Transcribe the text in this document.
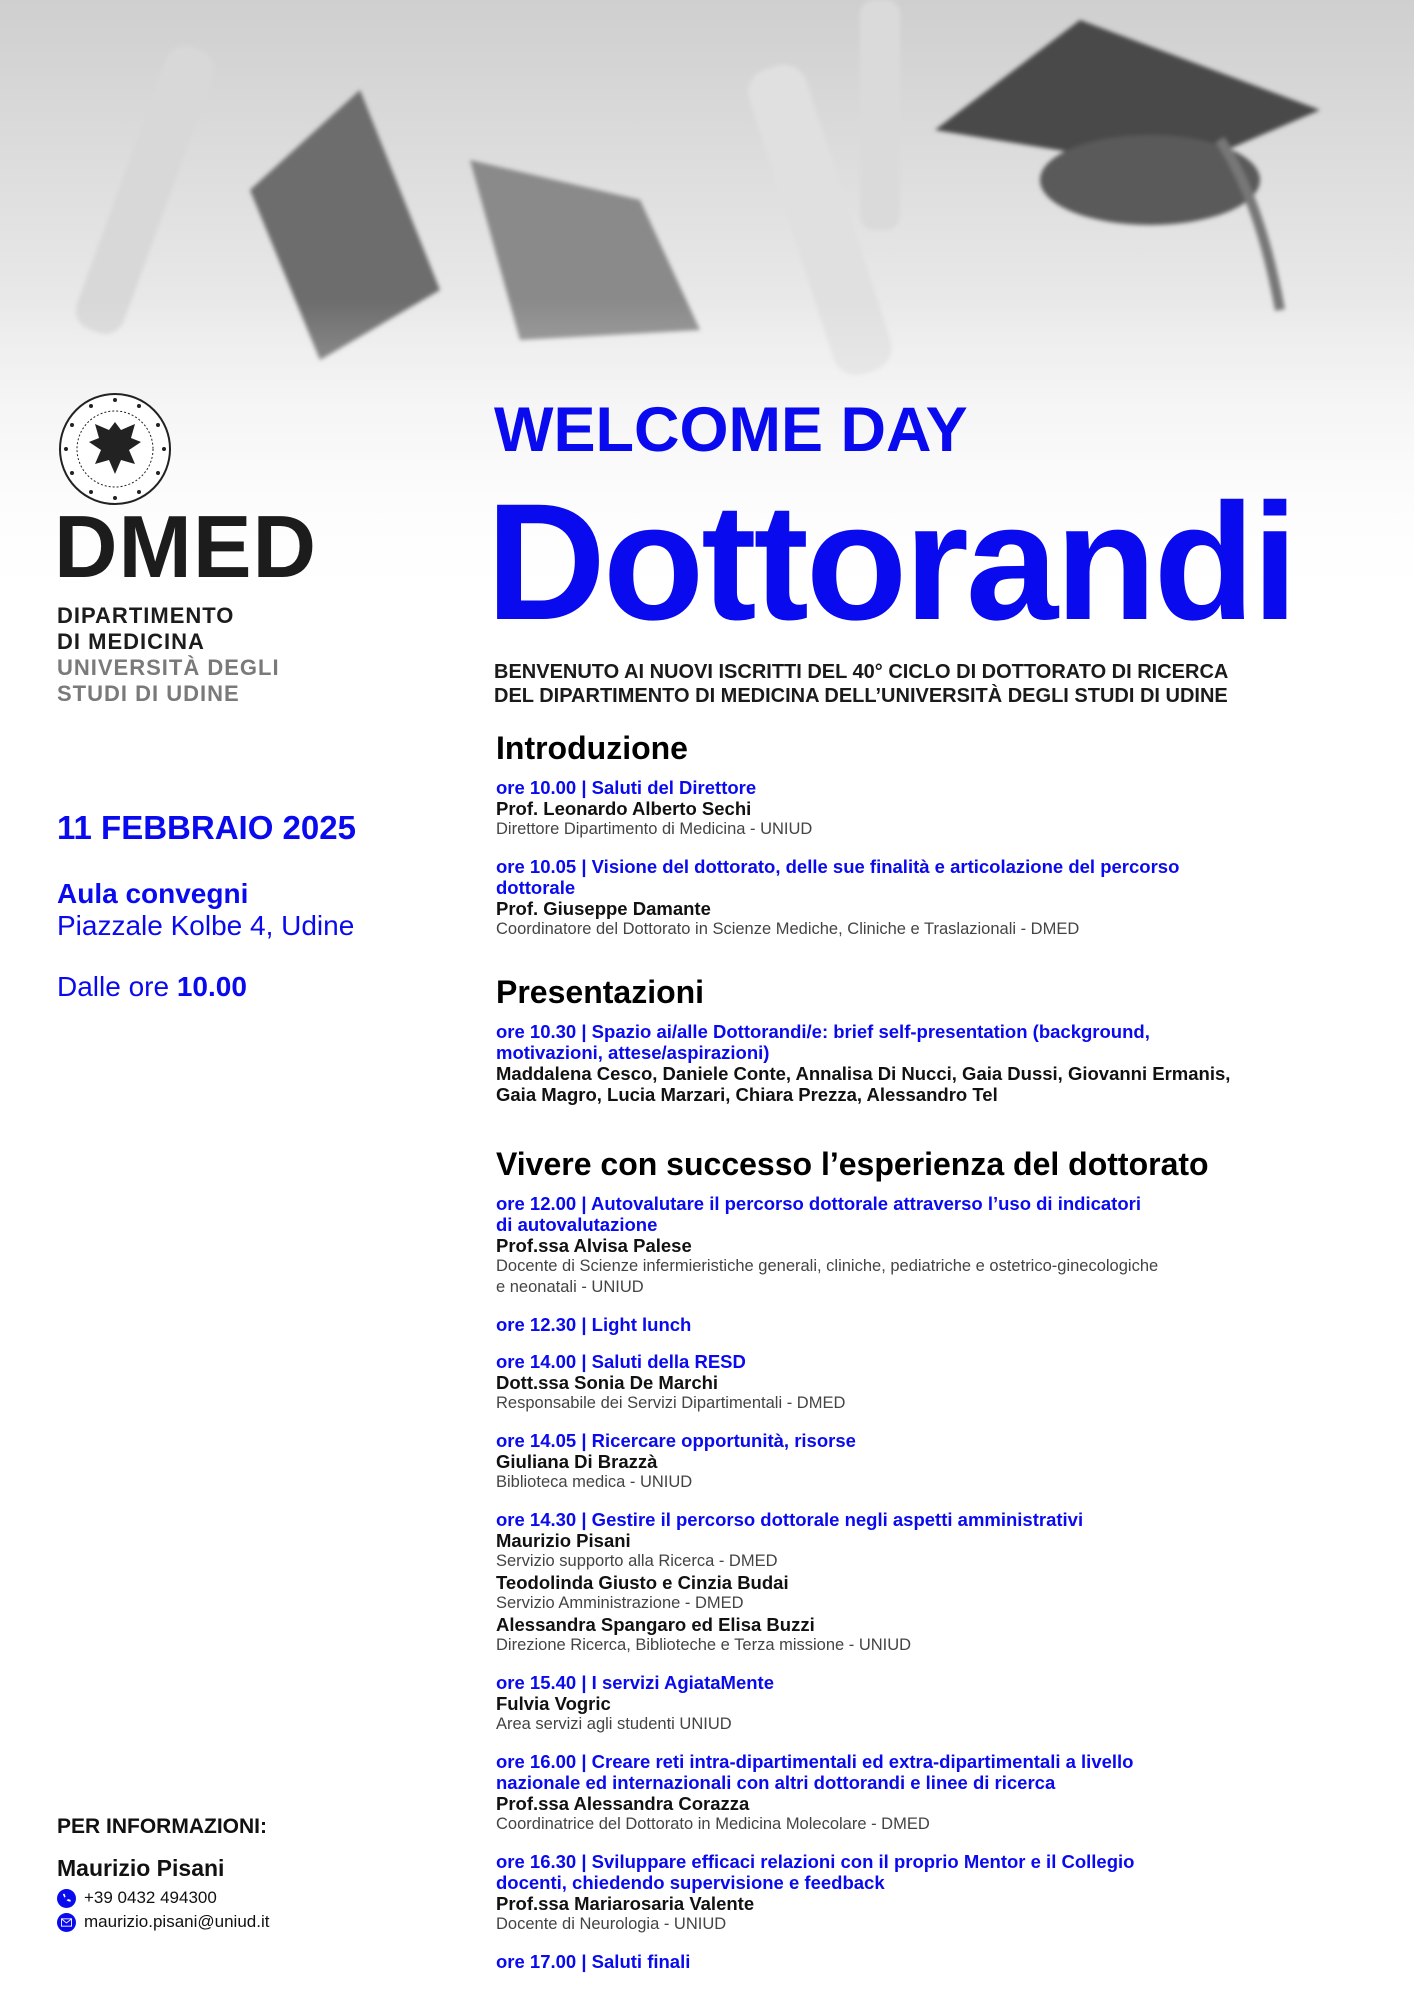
DMED
DIPARTIMENTO
DI MEDICINA
UNIVERSITÀ DEGLI
STUDI DI UDINE
11 FEBBRAIO 2025
Aula convegni
Piazzale Kolbe 4, Udine
Dalle ore 10.00
PER INFORMAZIONI:
Maurizio Pisani
+39 0432 494300
maurizio.pisani@uniud.it
WELCOME DAY
Dottorandi
BENVENUTO AI NUOVI ISCRITTI DEL 40° CICLO DI DOTTORATO DI RICERCA
DEL DIPARTIMENTO DI MEDICINA DELL’UNIVERSITÀ DEGLI STUDI DI UDINE
Introduzione
ore 10.00 | Saluti del Direttore
Prof. Leonardo Alberto Sechi
Direttore Dipartimento di Medicina - UNIUD
ore 10.05 | Visione del dottorato, delle sue finalità e articolazione del percorso
dottorale
Prof. Giuseppe Damante
Coordinatore del Dottorato in Scienze Mediche, Cliniche e Traslazionali - DMED
Presentazioni
ore 10.30 | Spazio ai/alle Dottorandi/e: brief self-presentation (background,
motivazioni, attese/aspirazioni)
Maddalena Cesco, Daniele Conte, Annalisa Di Nucci, Gaia Dussi, Giovanni Ermanis,
Gaia Magro, Lucia Marzari, Chiara Prezza, Alessandro Tel
Vivere con successo l’esperienza del dottorato
ore 12.00 | Autovalutare il percorso dottorale attraverso l’uso di indicatori
di autovalutazione
Prof.ssa Alvisa Palese
Docente di Scienze infermieristiche generali, cliniche, pediatriche e ostetrico-ginecologiche
e neonatali - UNIUD
ore 12.30 | Light lunch
ore 14.00 | Saluti della RESD
Dott.ssa Sonia De Marchi
Responsabile dei Servizi Dipartimentali - DMED
ore 14.05 | Ricercare opportunità, risorse
Giuliana Di Brazzà
Biblioteca medica - UNIUD
ore 14.30 | Gestire il percorso dottorale negli aspetti amministrativi
Maurizio Pisani
Servizio supporto alla Ricerca - DMED
Teodolinda Giusto e Cinzia Budai
Servizio Amministrazione - DMED
Alessandra Spangaro ed Elisa Buzzi
Direzione Ricerca, Biblioteche e Terza missione - UNIUD
ore 15.40 | I servizi AgiataMente
Fulvia Vogric
Area servizi agli studenti UNIUD
ore 16.00 | Creare reti intra-dipartimentali ed extra-dipartimentali a livello
nazionale ed internazionali con altri dottorandi e linee di ricerca
Prof.ssa Alessandra Corazza
Coordinatrice del Dottorato in Medicina Molecolare - DMED
ore 16.30 | Sviluppare efficaci relazioni con il proprio Mentor e il Collegio
docenti, chiedendo supervisione e feedback
Prof.ssa Mariarosaria Valente
Docente di Neurologia - UNIUD
ore 17.00 | Saluti finali
